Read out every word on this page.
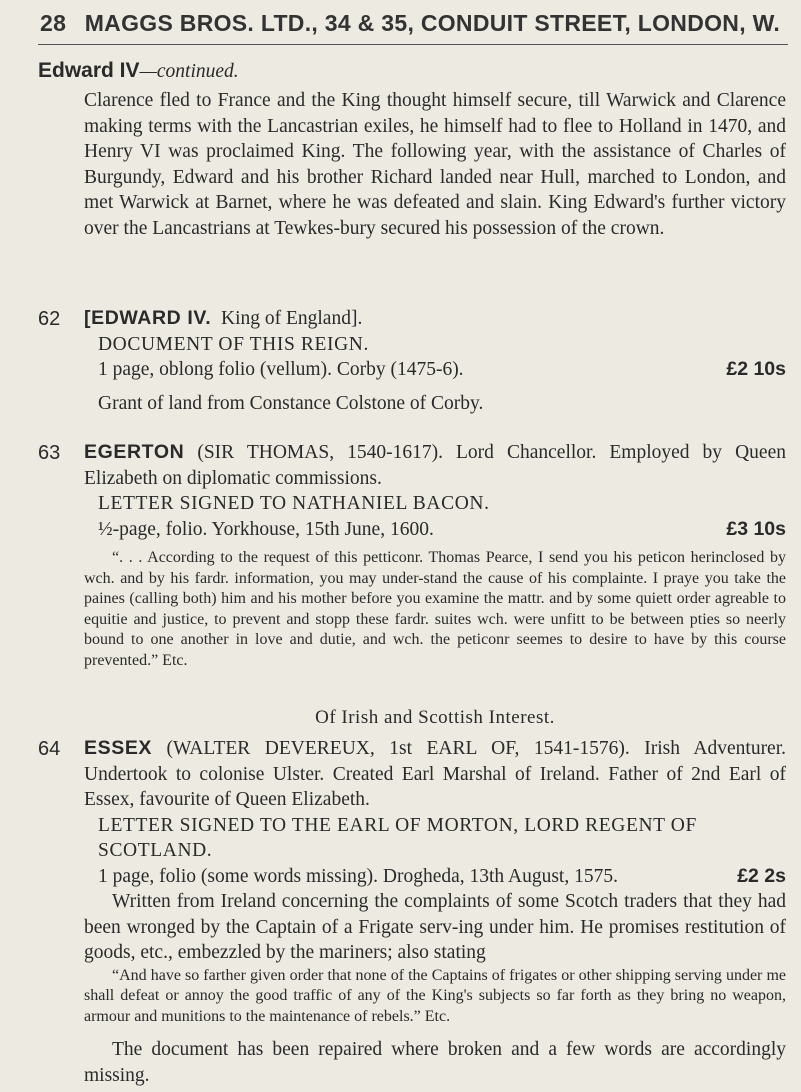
28 MAGGS BROS. LTD., 34 & 35, CONDUIT STREET, LONDON, W.
Edward IV—continued.
Clarence fled to France and the King thought himself secure, till Warwick and Clarence making terms with the Lancastrian exiles, he himself had to flee to Holland in 1470, and Henry VI was proclaimed King. The following year, with the assistance of Charles of Burgundy, Edward and his brother Richard landed near Hull, marched to London, and met Warwick at Barnet, where he was defeated and slain. King Edward's further victory over the Lancastrians at Tewkes-bury secured his possession of the crown.
62 [EDWARD IV. King of England].
DOCUMENT OF THIS REIGN.
1 page, oblong folio (vellum). Corby (1475-6).	£2 10s
Grant of land from Constance Colstone of Corby.
63 EGERTON (SIR THOMAS, 1540-1617). Lord Chancellor. Employed by Queen Elizabeth on diplomatic commissions.
LETTER SIGNED TO NATHANIEL BACON.
½-page, folio. Yorkhouse, 15th June, 1600.	£3 10s
“. . . According to the request of this petticonr. Thomas Pearce, I send you his peticon herinclosed by wch. and by his fardr. information, you may under-stand the cause of his complainte. I praye you take the paines (calling both) him and his mother before you examine the mattr. and by some quiett order agreable to equitie and justice, to prevent and stopp these fardr. suites wch. were unfitt to be between pties so neerly bound to one another in love and dutie, and wch. the peticonr seemes to desire to have by this course prevented.” Etc.
Of Irish and Scottish Interest.
64 ESSEX (WALTER DEVEREUX, 1st EARL OF, 1541-1576). Irish Adventurer. Undertook to colonise Ulster. Created Earl Marshal of Ireland. Father of 2nd Earl of Essex, favourite of Queen Elizabeth.
LETTER SIGNED TO THE EARL OF MORTON, LORD REGENT OF SCOTLAND.
1 page, folio (some words missing). Drogheda, 13th August, 1575.	£2 2s
Written from Ireland concerning the complaints of some Scotch traders that they had been wronged by the Captain of a Frigate serv-ing under him. He promises restitution of goods, etc., embezzled by the mariners; also stating
“And have so farther given order that none of the Captains of frigates or other shipping serving under me shall defeat or annoy the good traffic of any of the King's subjects so far forth as they bring no weapon, armour and munitions to the maintenance of rebels.” Etc.
The document has been repaired where broken and a few words are accordingly missing.
